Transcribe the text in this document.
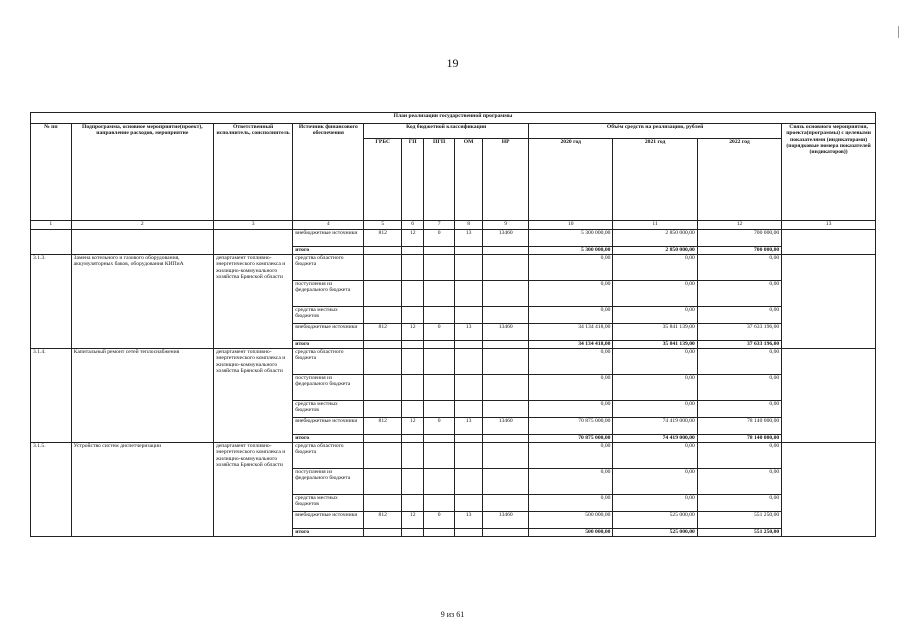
19
План реализации государственной программы												
№ пп	Подпрограмма, основное мероприятие(проект), направление расходов, мероприятие	Ответственный исполнитель, соисполнитель	Источник финансового обеспечения	Код бюджетной классификации					Объём средств на реализацию, рублей			Связь основного мероприятия, проекта(программы) с целевыми показателями (индикаторами) (порядковые номера показателей (индикаторов))
				ГРБС	ГП	ПГП	ОМ	НР	2020 год	2021 год	2022 год	
1	2	3	4	5	6	7	8	9	10	11	12	13
			внебюджетные источники	812	12	0	13	13460	5 300 000,00	2 850 000,00	700 000,00	
			итого						5 300 000,00	2 850 000,00	700 000,00	
3.1.3.	Замена котельного и газового оборудования, аккумуляторных баков, оборудования КИПиА	департамент топливно-энергетического комплекса и жилищно-коммунального хозяйства Брянской области	средства областного бюджета						0,00	0,00	0,00	
			поступления из федерального бюджета						0,00	0,00	0,00	
			средства местных бюджетов						0,00	0,00	0,00	
			внебюджетные источники	812	12	0	13	13460	34 134 418,00	35 841 139,00	37 633 196,00	
			итого						34 134 418,00	35 841 139,00	37 633 196,00	
3.1.4.	Капитальный ремонт сетей теплоснабжения	департамент топливно-энергетического комплекса и жилищно-коммунального хозяйства Брянской области	средства областного бюджета						0,00	0,00	0,00	
			поступления из федерального бюджета						0,00	0,00	0,00	
			средства местных бюджетов						0,00	0,00	0,00	
			внебюджетные источники	812	12	0	13	13460	70 875 000,00	74 419 000,00	78 140 000,00	
			итого						70 875 000,00	74 419 000,00	78 140 000,00	
3.1.5.	Устройство систем диспетчеризации	департамент топливно-энергетического комплекса и жилищно-коммунального хозяйства Брянской области	средства областного бюджета						0,00	0,00	0,00	
			поступления из федерального бюджета						0,00	0,00	0,00	
			средства местных бюджетов						0,00	0,00	0,00	
			внебюджетные источники	812	12	0	13	13460	500 000,00	525 000,00	551 250,00	
			итого						500 000,00	525 000,00	551 250,00	
9 из 61
